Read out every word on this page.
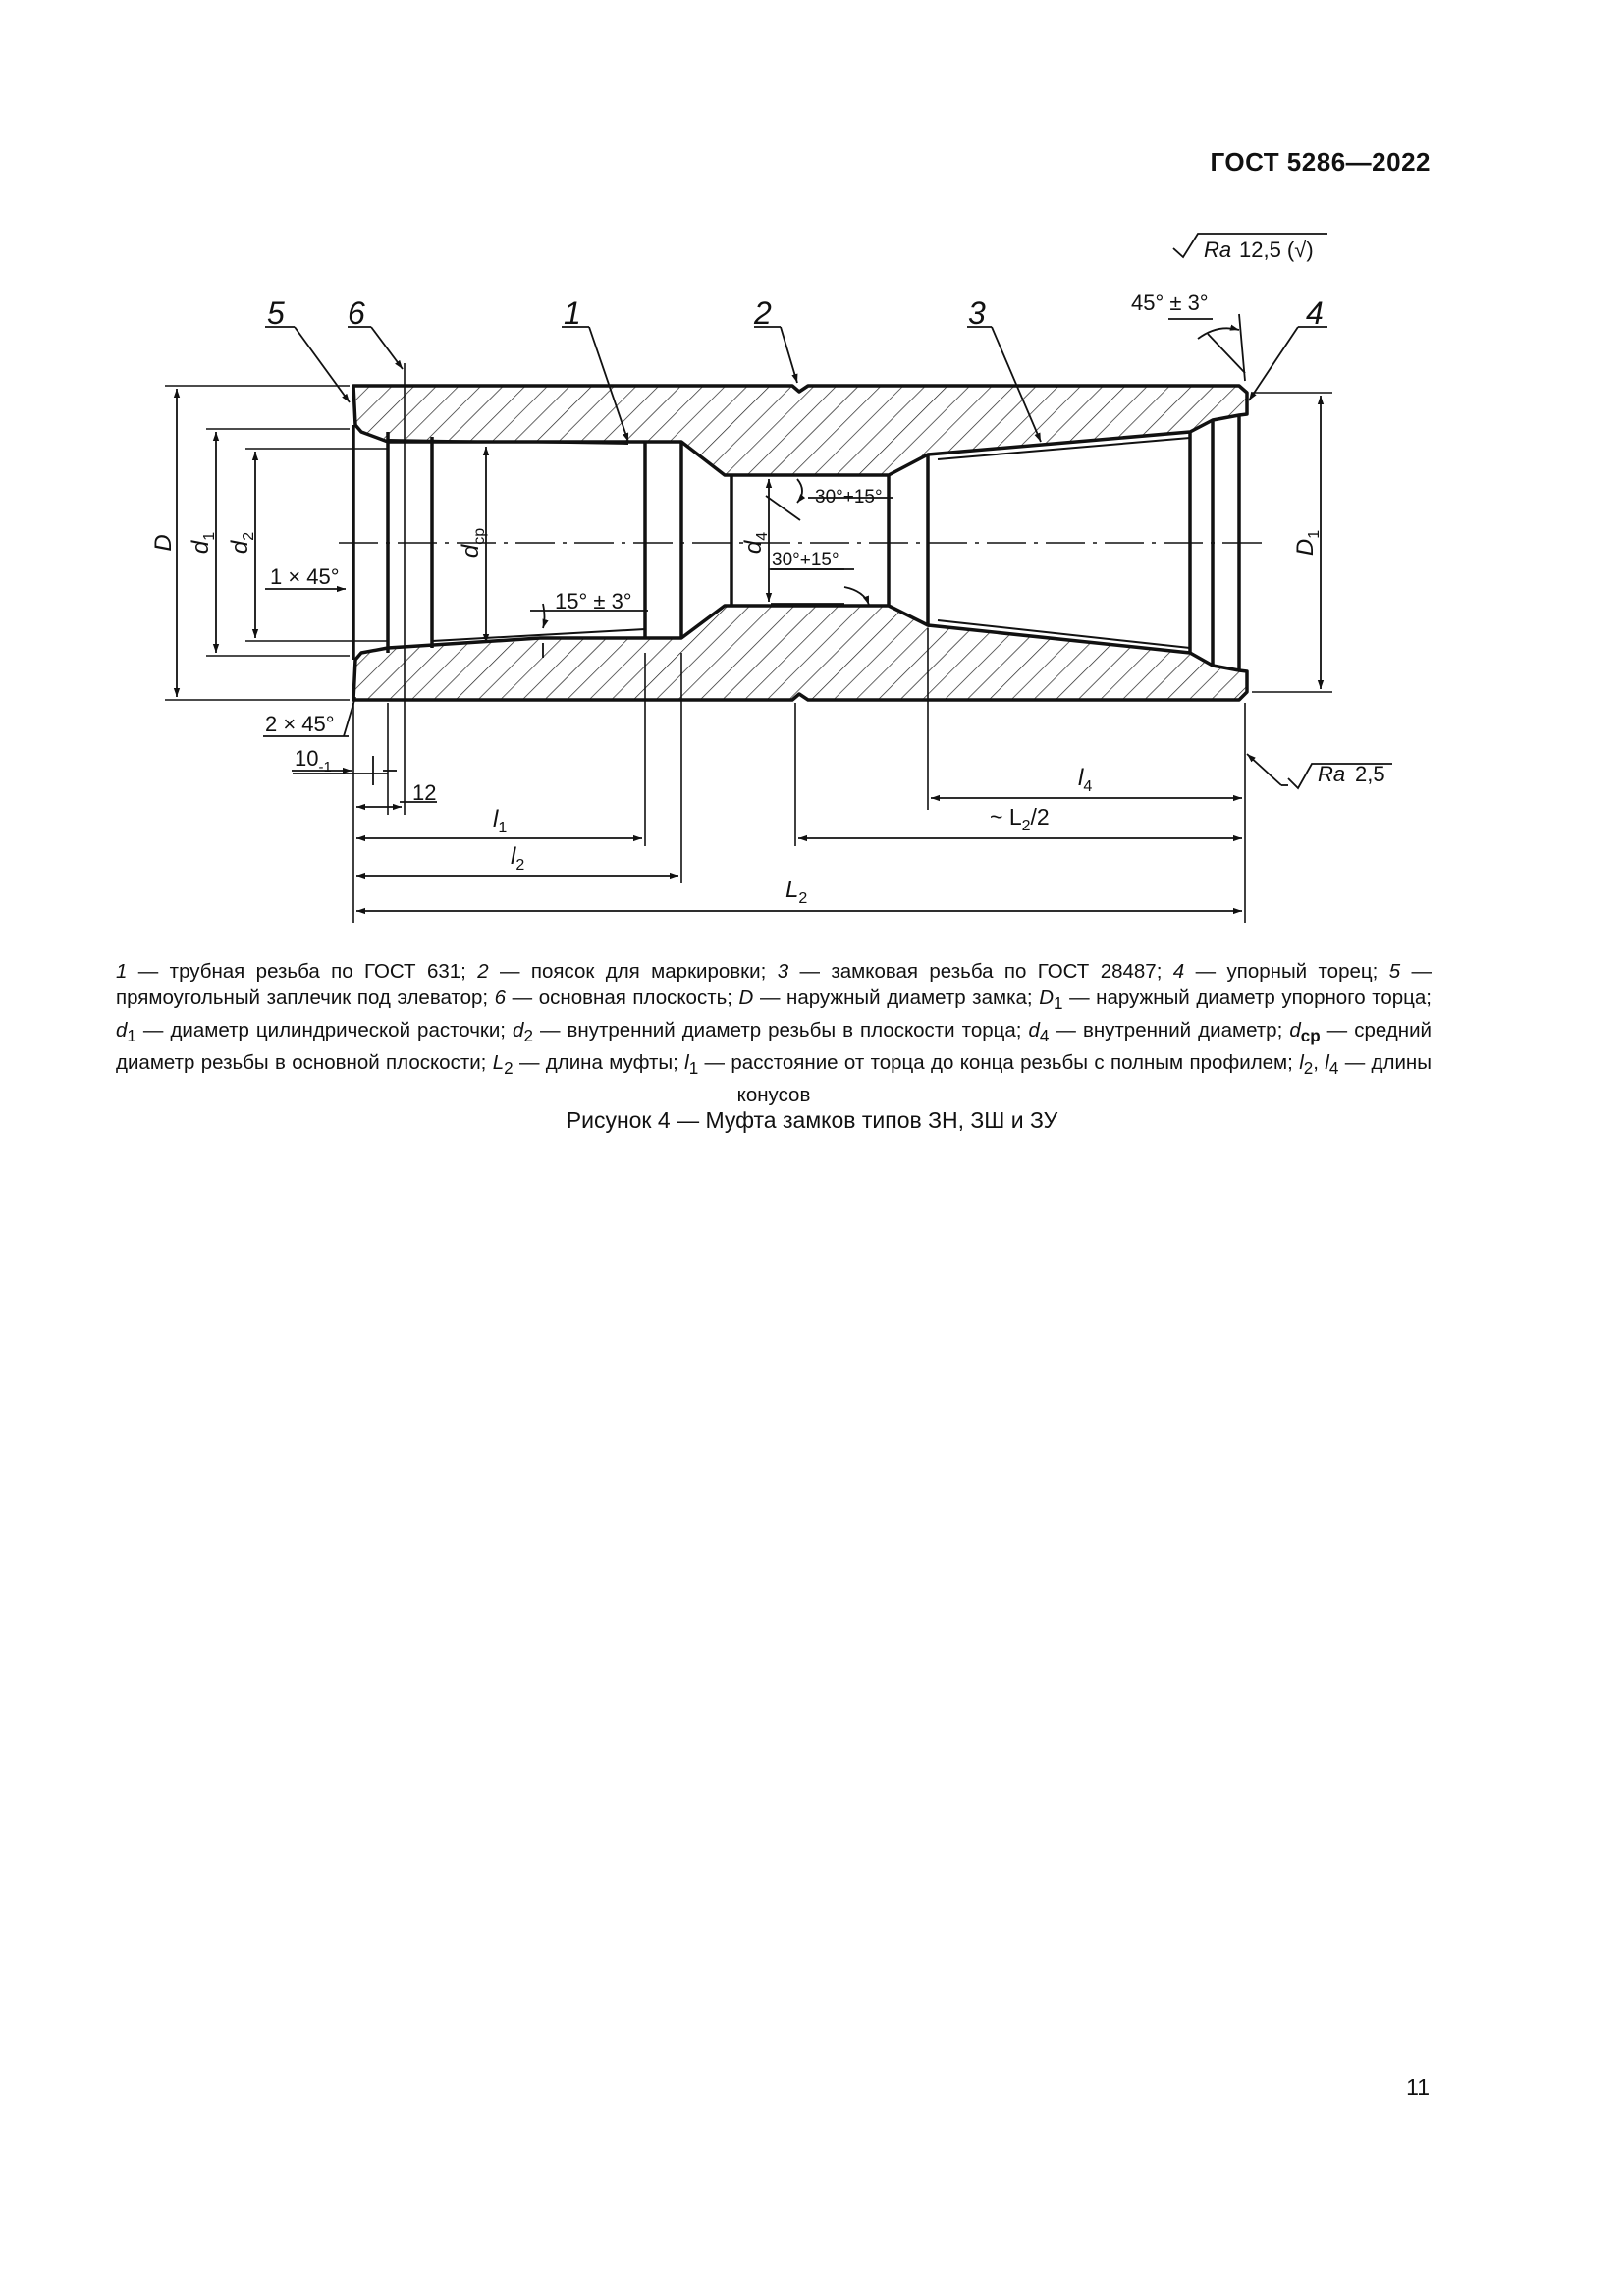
ГОСТ 5286—2022
5 6	1	2	3	4
Ra 12,5 (√)
Ra 2,5
45° ± 3°
15° ± 3°
30°+15°
30°+15°
1 × 45°
2 × 45°
D $d_1$
$d_2$
$d_{ср}$
$d_4$
$D_1$
$10_{-1}$
12
$l_1$
$l_2$
$L_2$
$l_4$
~ $L_2/2$
1 — трубная резьба по ГОСТ 631; 2 — поясок для маркировки; 3 — замковая резьба по ГОСТ 28487; 4 — упорный торец; 5 — прямоугольный заплечик под элеватор; 6 — основная плоскость; D — наружный диаметр замка; $D_1$ — наружный диаметр упорного торца; $d_1$ — диаметр цилиндрической расточки; $d_2$ — внутренний диаметр резьбы в плоскости торца; $d_4$ — внутренний диаметр; $d_{ср}$ — средний диаметр резьбы в основной плоскости; $L_2$ — длина муфты; $l_1$ — расстояние от торца до конца резьбы с полным профилем; $l_2$, $l_4$ — длины конусов
Рисунок 4 — Муфта замков типов ЗН, ЗШ и ЗУ
11
